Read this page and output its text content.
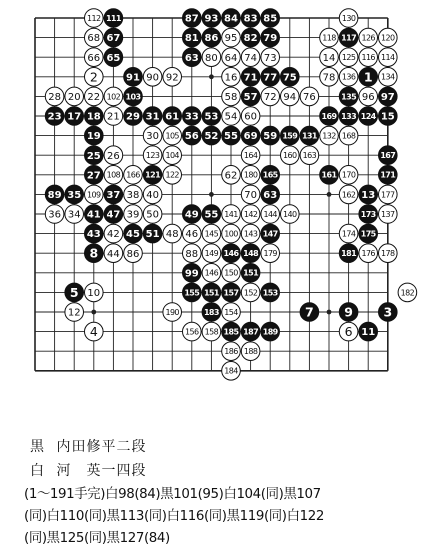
111
112	87 93 84 83 85	130
68 67	81 86 95 82 79	118 117 126 120
66 65	63 80 64 74 73	14 125 116 114
2	91 90 92	16 71 77 75	78 136 1 134
28 20 22 102 103	58 57 72 94 76	135 96 97
23 17 18 21 29 31 61 33 53 54 60	169 133 124 15
19	30 105 56 52 55 69 59 159 131 132 168
25 26	123 104	164	160 163	167
27 108 166 121 122	62 180 165	161 170	171
89 35 109 37 38 40	70 63	162 13 177
36 34 41 47 39 50	49 55 141 142 144 140	173 137
43 42 45 51 48 46 145 100 143 147	174 175
8 44 86	88 149 146 148 179	181 176 178
99 146 150 151
5 10	155 151 157 152 153	182
12	190	183 154	7 9 3
4	156 158 185 187 189	6 11
186 188
184
黒 内田修平二段
白 河　英一四段
(1〜191手完)白98(84)黒101(95)白104(同)黒107
(同)白110(同)黒113(同)白116(同)黒119(同)白122
(同)黒125(同)黒127(84)
